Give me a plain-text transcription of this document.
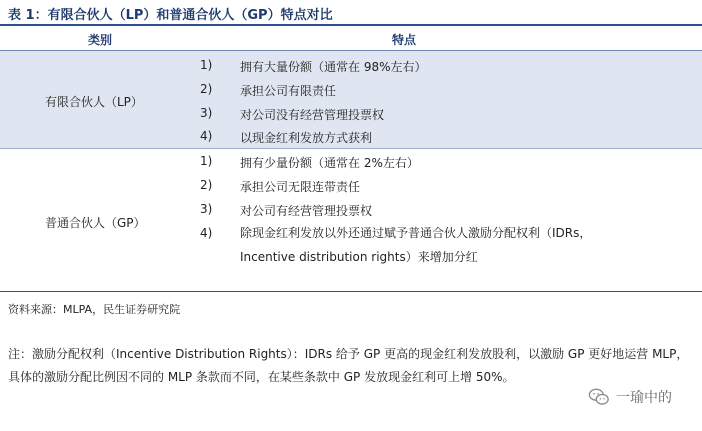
表 1：有限合伙人（LP）和普通合伙人（GP）特点对比
类别	特点
有限合伙人（LP）
1) 拥有大量份额（通常在 98%左右）
2) 承担公司有限责任
3) 对公司没有经营管理投票权
4) 以现金红利发放方式获利
普通合伙人（GP）
1) 拥有少量份额（通常在 2%左右）
2) 承担公司无限连带责任
3) 对公司有经营管理投票权
4) 除现金红利发放以外还通过赋予普通合伙人激励分配权利（IDRs，Incentive distribution rights）来增加分红
资料来源：MLPA，民生证券研究院
注：激励分配权利（Incentive Distribution Rights）：IDRs 给予 GP 更高的现金红利发放股利，以激励 GP 更好地运营 MLP，具体的激励分配比例因不同的 MLP 条款而不同，在某些条款中 GP 发放现金红利可上增 50%。
一瑜中的
